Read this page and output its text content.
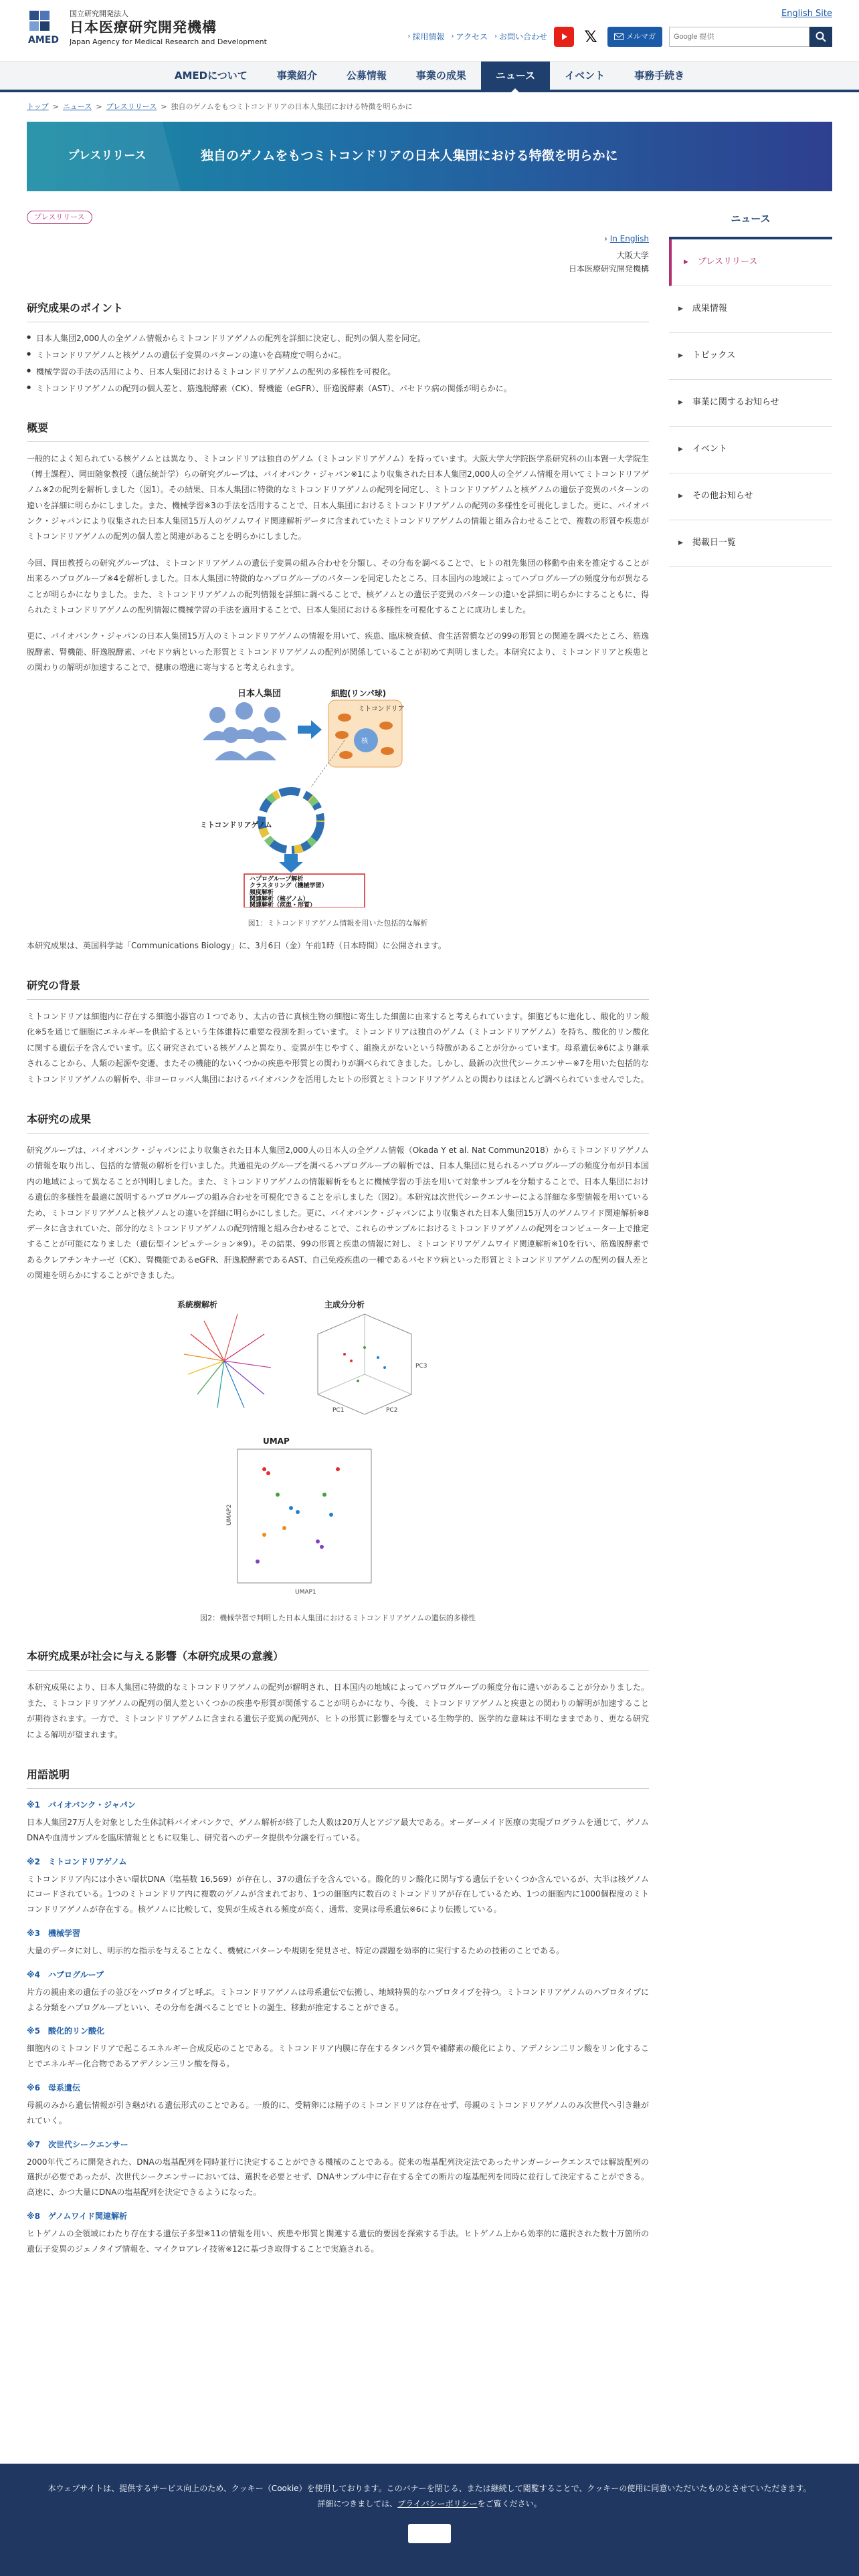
AMED
国立研究開発法人
日本医療研究開発機構
Japan Agency for Medical Research and Development
English Site
› 採用情報 › アクセス › お問い合わせ 𝕏	メルマガ
Google 提供
AMEDについて	事業紹介	公募情報	事業の成果	ニュース	イベント	事務手続き
トップ > ニュース > プレスリリース > 独自のゲノムをもつミトコンドリアの日本人集団における特徴を明らかに
プレスリリース	独自のゲノムをもつミトコンドリアの日本人集団における特徴を明らかに
プレスリリース
› In English
大阪大学
日本医療研究開発機構
研究成果のポイント
● 日本人集団2,000人の全ゲノム情報からミトコンドリアゲノムの配列を詳細に決定し、配列の個人差を同定。
● ミトコンドリアゲノムと核ゲノムの遺伝子変異のパターンの違いを高精度で明らかに。
● 機械学習の手法の活用により、日本人集団におけるミトコンドリアゲノムの配列の多様性を可視化。
● ミトコンドリアゲノムの配列の個人差と、筋逸脱酵素（CK）、腎機能（eGFR）、肝逸脱酵素（AST）、パセドウ病の関係が明らかに。
概要

一般的によく知られている核ゲノムとは異なり、ミトコンドリアは独自のゲノム（ミトコンドリアゲノム）を持っています。大阪大学大学院医学系研究科の山本賢一大学院生（博士課程）、岡田随象教授（遺伝統計学）らの研究グループは、バイオバンク・ジャパン※1により収集された日本人集団2,000人の全ゲノム情報を用いてミトコンドリアゲノム※2の配列を解析しました（図1）。その結果、日本人集団に特徴的なミトコンドリアゲノムの配列を同定し、ミトコンドリアゲノムと核ゲノムの遺伝子変異のパターンの違いを詳細に明らかにしました。また、機械学習※3の手法を活用することで、日本人集団におけるミトコンドリアゲノムの配列の多様性を可視化しました。更に、バイオバンク・ジャパンにより収集された日本人集団15万人のゲノムワイド関連解析データに含まれていたミトコンドリアゲノムの情報と組み合わせることで、複数の形質や疾患がミトコンドリアゲノムの配列の個人差と関連があることを明らかにしました。

今回、岡田教授らの研究グループは、ミトコンドリアゲノムの遺伝子変異の組み合わせを分類し、その分布を調べることで、ヒトの祖先集団の移動や由来を推定することが出来るハプログループ※4を解析しました。日本人集団に特徴的なハプログループのパターンを同定したところ、日本国内の地域によってハプログループの頻度分布が異なることが明らかになりました。また、ミトコンドリアゲノムの配列情報を詳細に調べることで、核ゲノムとの遺伝子変異のパターンの違いを詳細に明らかにすることもに、得られたミトコンドリアゲノムの配列情報に機械学習の手法を適用することで、日本人集団における多様性を可視化することに成功しました。

更に、バイオバンク・ジャパンの日本人集団15万人のミトコンドリアゲノムの情報を用いて、疾患、臨床検査値、食生活習慣などの99の形質との関連を調べたところ、筋逸脱酵素、腎機能、肝逸脱酵素、パセドウ病といった形質とミトコンドリアゲノムの配列が関係していることが初めて判明しました。本研究により、ミトコンドリアと疾患との関わりの解明が加速することで、健康の増進に寄与すると考えられます。

日本人集団	細胞(リンパ球)
ミトコンドリア
核
ミトコンドリアゲノム
ハプログループ解析
クラスタリング（機械学習）
頻度解析
関連解析（核ゲノム）
関連解析（疾患・形質）
図1：ミトコンドリアゲノム情報を用いた包括的な解析

本研究成果は、英国科学誌「Communications Biology」に、3月6日（金）午前1時（日本時間）に公開されます。

研究の背景

ミトコンドリアは細胞内に存在する細胞小器官の１つであり、太古の昔に真核生物の細胞に寄生した細菌に由来すると考えられています。細胞どもに進化し、酸化的リン酸化※5を通じて細胞にエネルギーを供給するという生体維持に重要な役割を担っています。ミトコンドリアは独自のゲノム（ミトコンドリアゲノム）を持ち、酸化的リン酸化に関する遺伝子を含んでいます。広く研究されている核ゲノムと異なり、変異が生じやすく、組換えがないという特徴があることが分かっています。母系遺伝※6により継承されることから、人類の起源や変遷、またその機能的ないくつかの疾患や形質との関わりが調べられてきました。しかし、最新の次世代シークエンサー※7を用いた包括的なミトコンドリアゲノムの解析や、非ヨーロッパ人集団におけるバイオバンクを活用したヒトの形質とミトコンドリアゲノムとの関わりはほとんど調べられていませんでした。

本研究の成果

研究グループは、バイオバンク・ジャパンにより収集された日本人集団2,000人の日本人の全ゲノム情報（Okada Y et al. Nat Commun2018）からミトコンドリアゲノムの情報を取り出し、包括的な情報の解析を行いました。共通祖先のグループを調べるハプログループの解析では、日本人集団に見られるハプログループの頻度分布が日本国内の地域によって異なることが判明しました。また、ミトコンドリアゲノムの情報解析をもとに機械学習の手法を用いて対象サンプルを分類することで、日本人集団における遺伝的多様性を最適に説明するハプログループの組み合わせを可視化できることを示しました（図2）。本研究は次世代シークエンサーによる詳細な多型情報を用いているため、ミトコンドリアゲノムと核ゲノムとの違いを詳細に明らかにしました。更に、バイオバンク・ジャパンにより収集された日本人集団15万人のゲノムワイド関連解析※8データに含まれていた、部分的なミトコンドリアゲノムの配列情報と組み合わせることで、これらのサンプルにおけるミトコンドリアゲノムの配列をコンピューター上で推定することが可能になりました（遺伝型インピュテーション※9）。その結果、99の形質と疾患の情報に対し、ミトコンドリアゲノムワイド関連解析※10を行い、筋逸脱酵素であるクレアチンキナーゼ（CK）、腎機能であるeGFR、肝逸脱酵素であるAST、自己免疫疾患の一種であるパセドウ病といった形質とミトコンドリアゲノムの配列の個人差との関連を明らかにすることができました。

系統樹解析	主成分分析
PC1	PC2
PC3
UMAP
UMAP1
UMAP2
図2：機械学習で判明した日本人集団におけるミトコンドリアゲノムの遺伝的多様性
本研究成果が社会に与える影響（本研究成果の意義）

本研究成果により、日本人集団に特徴的なミトコンドリアゲノムの配列が解明され、日本国内の地域によってハプログループの頻度分布に違いがあることが分かりました。また、ミトコンドリアゲノムの配列の個人差といくつかの疾患や形質が関係することが明らかになり、今後、ミトコンドリアゲノムと疾患との関わりの解明が加速することが期待されます。一方で、ミトコンドリアゲノムに含まれる遺伝子変異の配列が、ヒトの形質に影響を与えている生物学的、医学的な意味は不明なままであり、更なる研究による解明が望まれます。

用語説明
※1　バイオバンク・ジャパン
日本人集団27万人を対象とした生体試料バイオバンクで、ゲノム解析が終了した人数は20万人とアジア最大である。オーダーメイド医療の実現プログラムを通じて、ゲノムDNAや血清サンプルを臨床情報とともに収集し、研究者へのデータ提供や分譲を行っている。
※2　ミトコンドリアゲノム
ミトコンドリア内には小さい環状DNA（塩基数 16,569）が存在し、37の遺伝子を含んでいる。酸化的リン酸化に関与する遺伝子をいくつか含んでいるが、大半は核ゲノムにコードされている。1つのミトコンドリア内に複数のゲノムが含まれており、1つの細胞内に数百のミトコンドリアが存在しているため、1つの細胞内に1000個程度のミトコンドリアゲノムが存在する。核ゲノムに比較して、変異が生成される頻度が高く、通常、変異は母系遺伝※6により伝搬している。
※3　機械学習
大量のデータに対し、明示的な指示を与えることなく、機械にパターンや規則を発見させ、特定の課題を効率的に実行するための技術のことである。
※4　ハプログループ
片方の親由来の遺伝子の並びをハプロタイプと呼ぶ。ミトコンドリアゲノムは母系遺伝で伝搬し、地域特異的なハプロタイプを持つ。ミトコンドリアゲノムのハプロタイプによる分類をハプログループといい、その分布を調べることでヒトの誕生、移動が推定することができる。
※5　酸化的リン酸化
細胞内のミトコンドリアで起こるエネルギー合成反応のことである。ミトコンドリア内膜に存在するタンパク質や補酵素の酸化により、アデノシン二リン酸をリン化することでエネルギー化合物であるアデノシン三リン酸を得る。
※6　母系遺伝
母親のみから遺伝情報が引き継がれる遺伝形式のことである。一般的に、受精卵には精子のミトコンドリアは存在せず、母親のミトコンドリアゲノムのみ次世代へ引き継がれていく。
※7　次世代シークエンサー
2000年代ごろに開発された、DNAの塩基配列を同時並行に決定することができる機械のことである。従来の塩基配列決定法であったサンガーシークエンスでは解読配列の選択が必要であったが、次世代シークエンサーにおいては、選択を必要とせず、DNAサンプル中に存在する全ての断片の塩基配列を同時に並行して決定することができる。高速に、かつ大量にDNAの塩基配列を決定できるようになった。
※8　ゲノムワイド関連解析
ヒトゲノムの全領域にわたり存在する遺伝子多型※11の情報を用い、疾患や形質と関連する遺伝的要因を探索する手法。ヒトゲノム上から効率的に選択された数十万箇所の遺伝子変異のジェノタイプ情報を、マイクロアレイ技術※12に基づき取得することで実施される。
ニュース
▶ プレスリリース
▶ 成果情報
▶ トピックス
▶ 事業に関するお知らせ
▶ イベント
▶ その他お知らせ
▶ 掲載日一覧

本ウェブサイトは、提供するサービス向上のため、クッキー（Cookie）を使用しております。このバナーを閉じる、または継続して閲覧することで、クッキーの使用に同意いただいたものとさせていただきます。

詳細につきましては、プライバシーポリシーをご覧ください。

閉じる
